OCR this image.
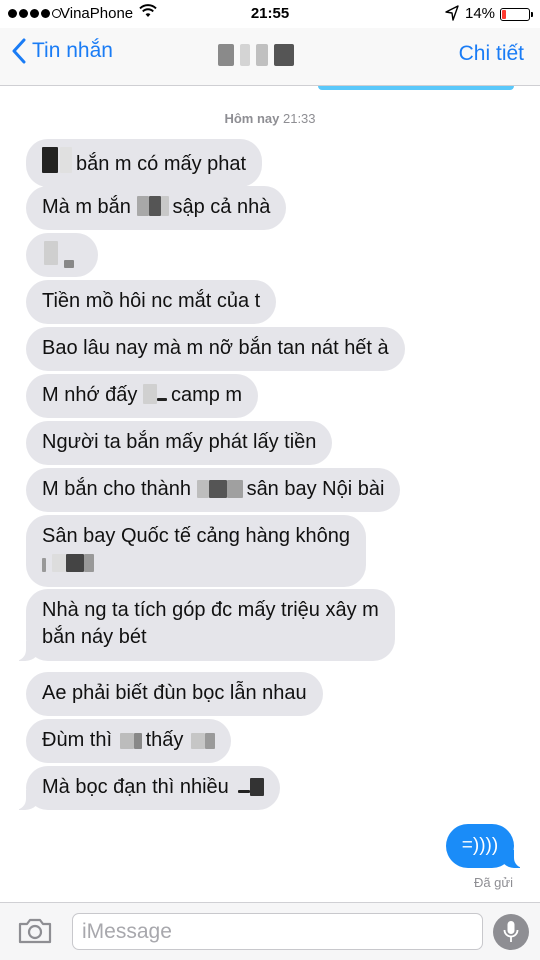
VinaPhone	21:55	14%
Tin nhắn	Chi tiết
Hôm nay 21:33
bắn m có mấy phat
Mà m bắn sập cả nhà
Tiền mồ hôi nc mắt của t
Bao lâu nay mà m nỡ bắn tan nát hết à
M nhớ đấy camp m
Người ta bắn mấy phát lấy tiền
M bắn cho thành	sân bay Nội bài
Sân bay Quốc tế cảng hàng không

Nhà ng ta tích góp đc mấy triệu xây m
bắn náy bét
Ae phải biết đùn bọc lẫn nhau
Đùm thì thấy
Mà bọc đạn thì nhiều
=))))
Đã gửi
iMessage
